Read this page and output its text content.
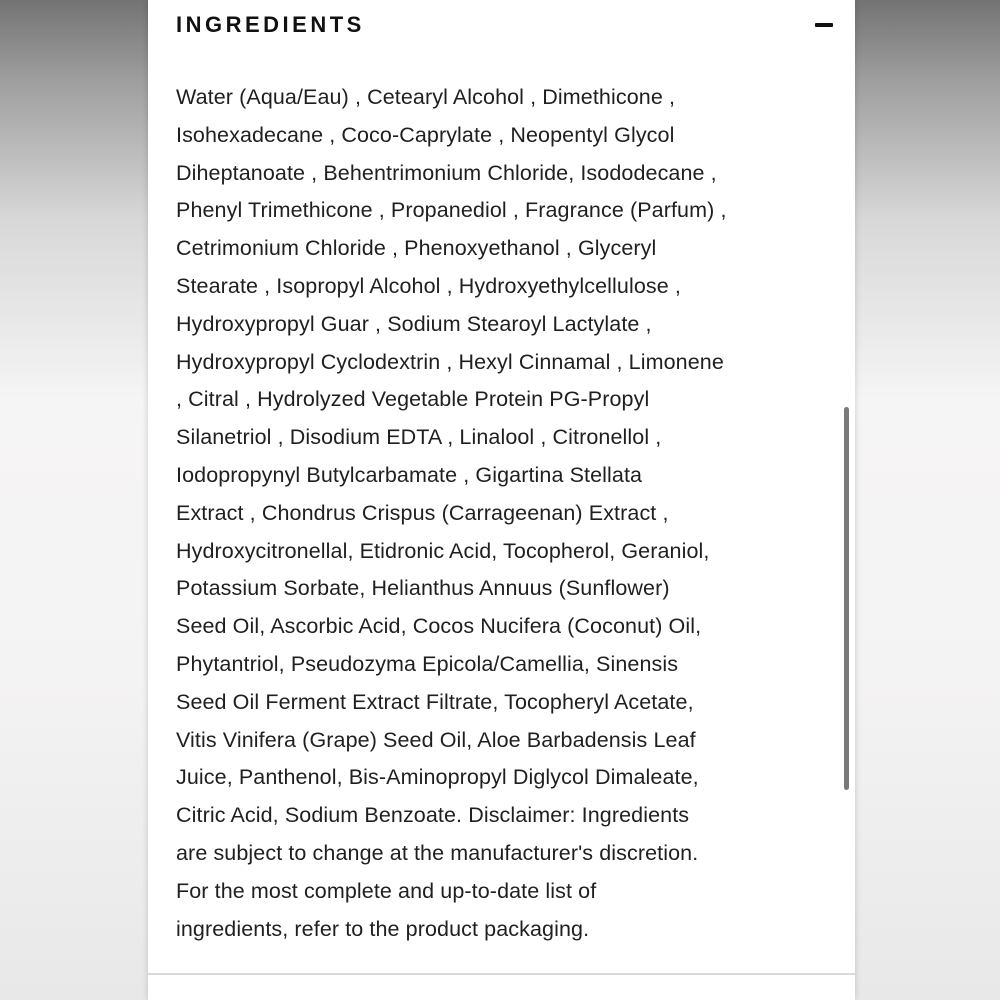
INGREDIENTS
Water (Aqua/Eau) , Cetearyl Alcohol , Dimethicone ,
Isohexadecane , Coco-Caprylate , Neopentyl Glycol
Diheptanoate , Behentrimonium Chloride, Isododecane ,
Phenyl Trimethicone , Propanediol , Fragrance (Parfum) ,
Cetrimonium Chloride , Phenoxyethanol , Glyceryl
Stearate , Isopropyl Alcohol , Hydroxyethylcellulose ,
Hydroxypropyl Guar , Sodium Stearoyl Lactylate ,
Hydroxypropyl Cyclodextrin , Hexyl Cinnamal , Limonene
, Citral , Hydrolyzed Vegetable Protein PG-Propyl
Silanetriol , Disodium EDTA , Linalool , Citronellol ,
Iodopropynyl Butylcarbamate , Gigartina Stellata
Extract , Chondrus Crispus (Carrageenan) Extract ,
Hydroxycitronellal, Etidronic Acid, Tocopherol, Geraniol,
Potassium Sorbate, Helianthus Annuus (Sunflower)
Seed Oil, Ascorbic Acid, Cocos Nucifera (Coconut) Oil,
Phytantriol, Pseudozyma Epicola/Camellia, Sinensis
Seed Oil Ferment Extract Filtrate, Tocopheryl Acetate,
Vitis Vinifera (Grape) Seed Oil, Aloe Barbadensis Leaf
Juice, Panthenol, Bis-Aminopropyl Diglycol Dimaleate,
Citric Acid, Sodium Benzoate. Disclaimer: Ingredients
are subject to change at the manufacturer's discretion.
For the most complete and up-to-date list of
ingredients, refer to the product packaging.
